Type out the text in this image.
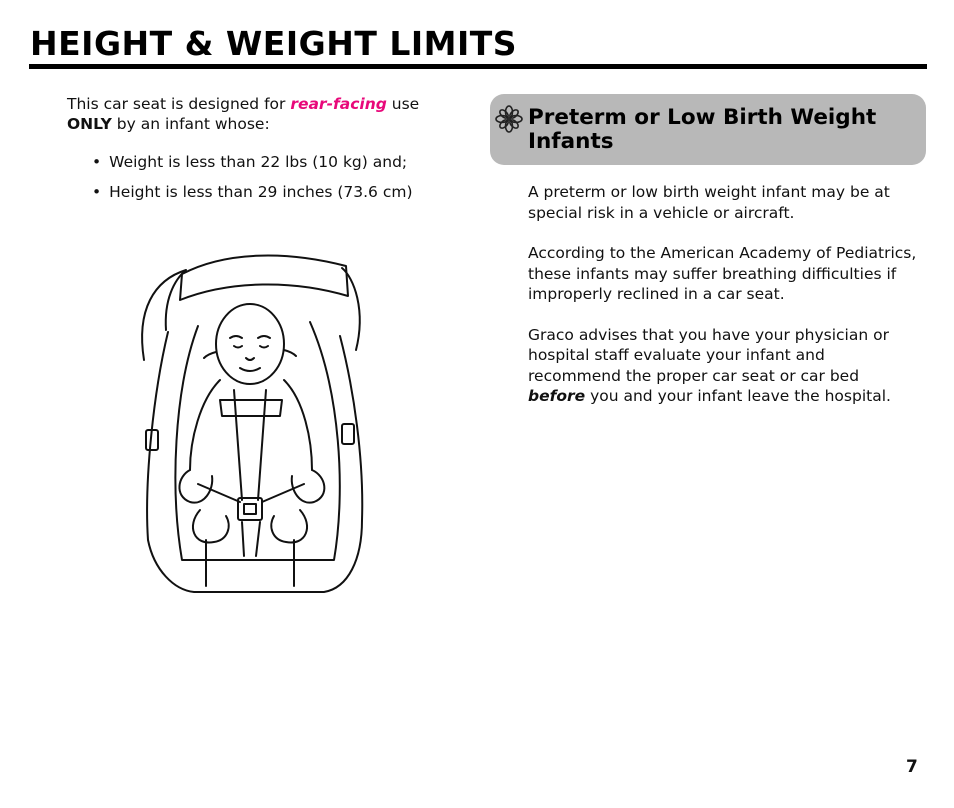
HEIGHT & WEIGHT LIMITS
This car seat is designed for rear-facing use
ONLY by an infant whose:
• Weight is less than 22 lbs (10 kg) and;
• Height is less than 29 inches (73.6 cm)
Preterm or Low Birth Weight Infants

A preterm or low birth weight infant may be at special risk in a vehicle or aircraft.

According to the American Academy of Pediatrics, these infants may suffer breathing difficulties if improperly reclined in a car seat.

Graco advises that you have your physician or hospital staff evaluate your infant and recommend the proper car seat or car bed before you and your infant leave the hospital.

7
